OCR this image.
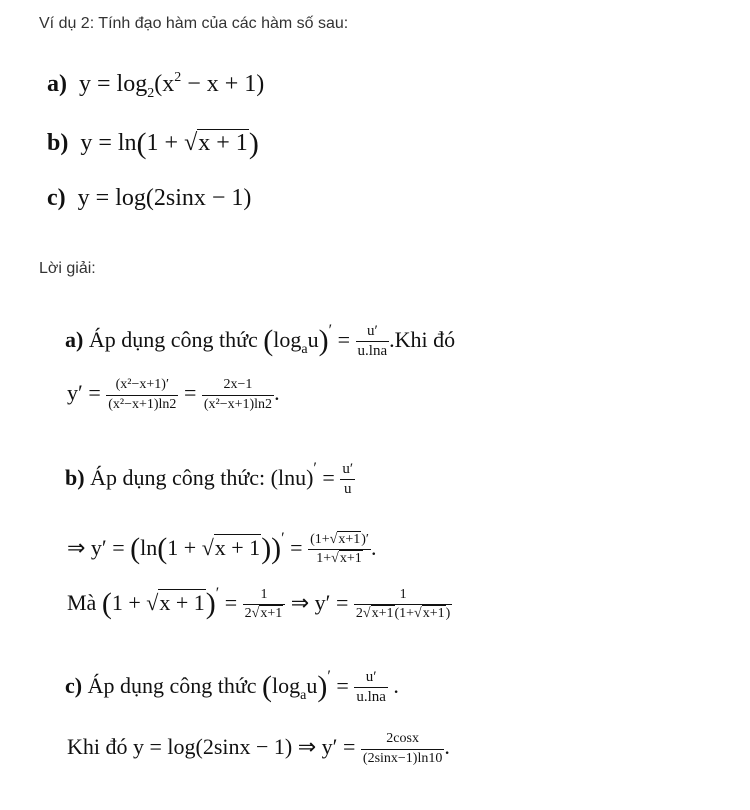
Ví dụ 2: Tính đạo hàm của các hàm số sau:
a) $y = \log_2(x^2 - x + 1)$
b) y = ln(1 + √x + 1)
c) y = log(2sinx − 1)
Lời giải:
a) Áp dụng công thức $(\log_au)' = \frac{u'}{u.\ln a} .Khi$ đó
$y' = \frac{\text{(x²−x+1)′}}{\text{(x²−x+1)ln2}} = \frac{2x-1}{\text{(x²−x+1)ln2}}$ .
b) Áp dụng công thức: $(\ln u)' = \frac{u'}{u}$
⇒ $y' = (\ln(1 + √x + 1))' = \frac{(1+√x+1)'}{1+√x+1}$ .
Mà $(1 + √x + 1)' = \frac{1}{2√x+1}$ ⇒ $y' = \frac{1}{2√x+1(1+√x+1)}$
c) Áp dụng công thức $(\log_au)' = \frac{u'}{u.\ln a}$ .
Khi đó y = log(2sinx − 1) ⇒ $y' = \frac{2\cos x}{(2\sin x-1)\ln 10}$ .
